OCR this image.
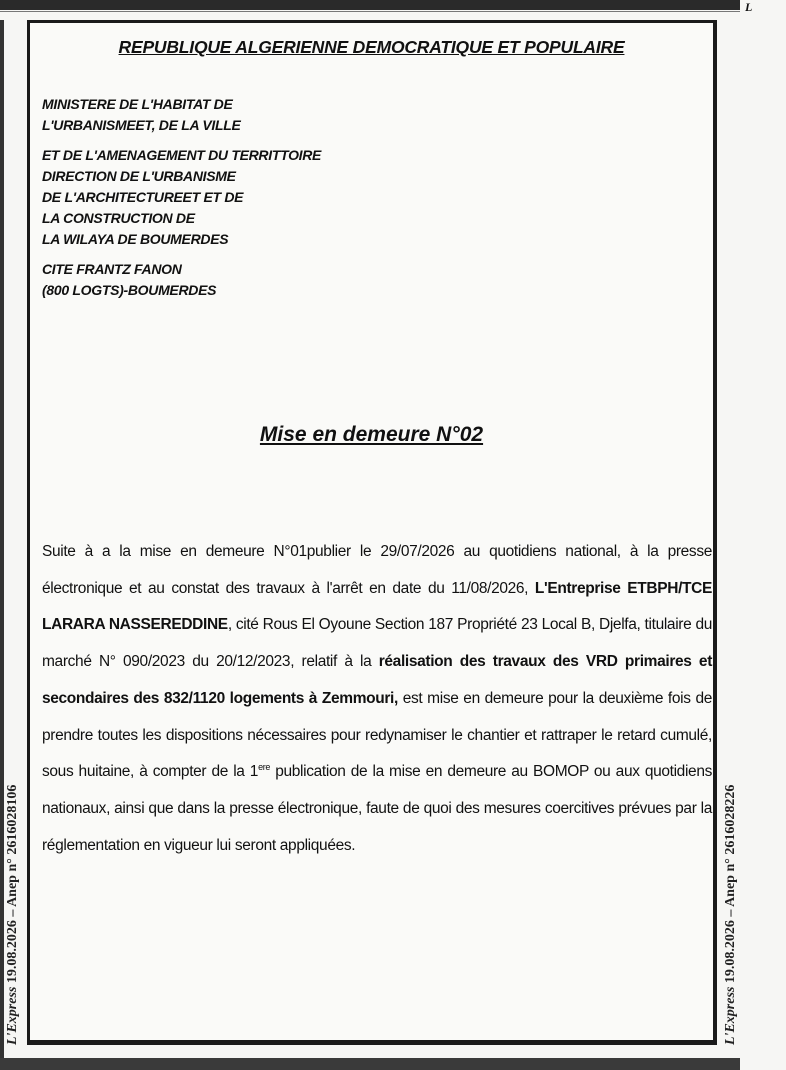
L
REPUBLIQUE ALGERIENNE DEMOCRATIQUE ET POPULAIRE
MINISTERE DE L'HABITAT DE
L'URBANISMEET, DE LA VILLE
ET DE L'AMENAGEMENT DU TERRITTOIRE
DIRECTION DE L'URBANISME
DE L'ARCHITECTUREET ET DE
LA CONSTRUCTION DE
LA WILAYA DE BOUMERDES
CITE FRANTZ FANON
(800 LOGTS)-BOUMERDES
Mise en demeure N°02
Suite à a la mise en demeure N°01publier le 29/07/2026 au quotidiens national, à la presse électronique et au constat des travaux à l'arrêt en date du 11/08/2026, L'Entreprise ETBPH/TCE LARARA NASSEREDDINE, cité Rous El Oyoune Section 187 Propriété 23 Local B, Djelfa, titulaire du marché N° 090/2023 du 20/12/2023, relatif à la réalisation des travaux des VRD primaires et secondaires des 832/1120 logements à Zemmouri, est mise en demeure pour la deuxième fois de prendre toutes les dispositions nécessaires pour redynamiser le chantier et rattraper le retard cumulé, sous huitaine, à compter de la 1ere publication de la mise en demeure au BOMOP ou aux quotidiens nationaux, ainsi que dans la presse électronique, faute de quoi des mesures coercitives prévues par la réglementation en vigueur lui seront appliquées.
L'Express 19.08.2026 – Anep n° 2616028106
L'Express 19.08.2026 – Anep n° 2616028226
